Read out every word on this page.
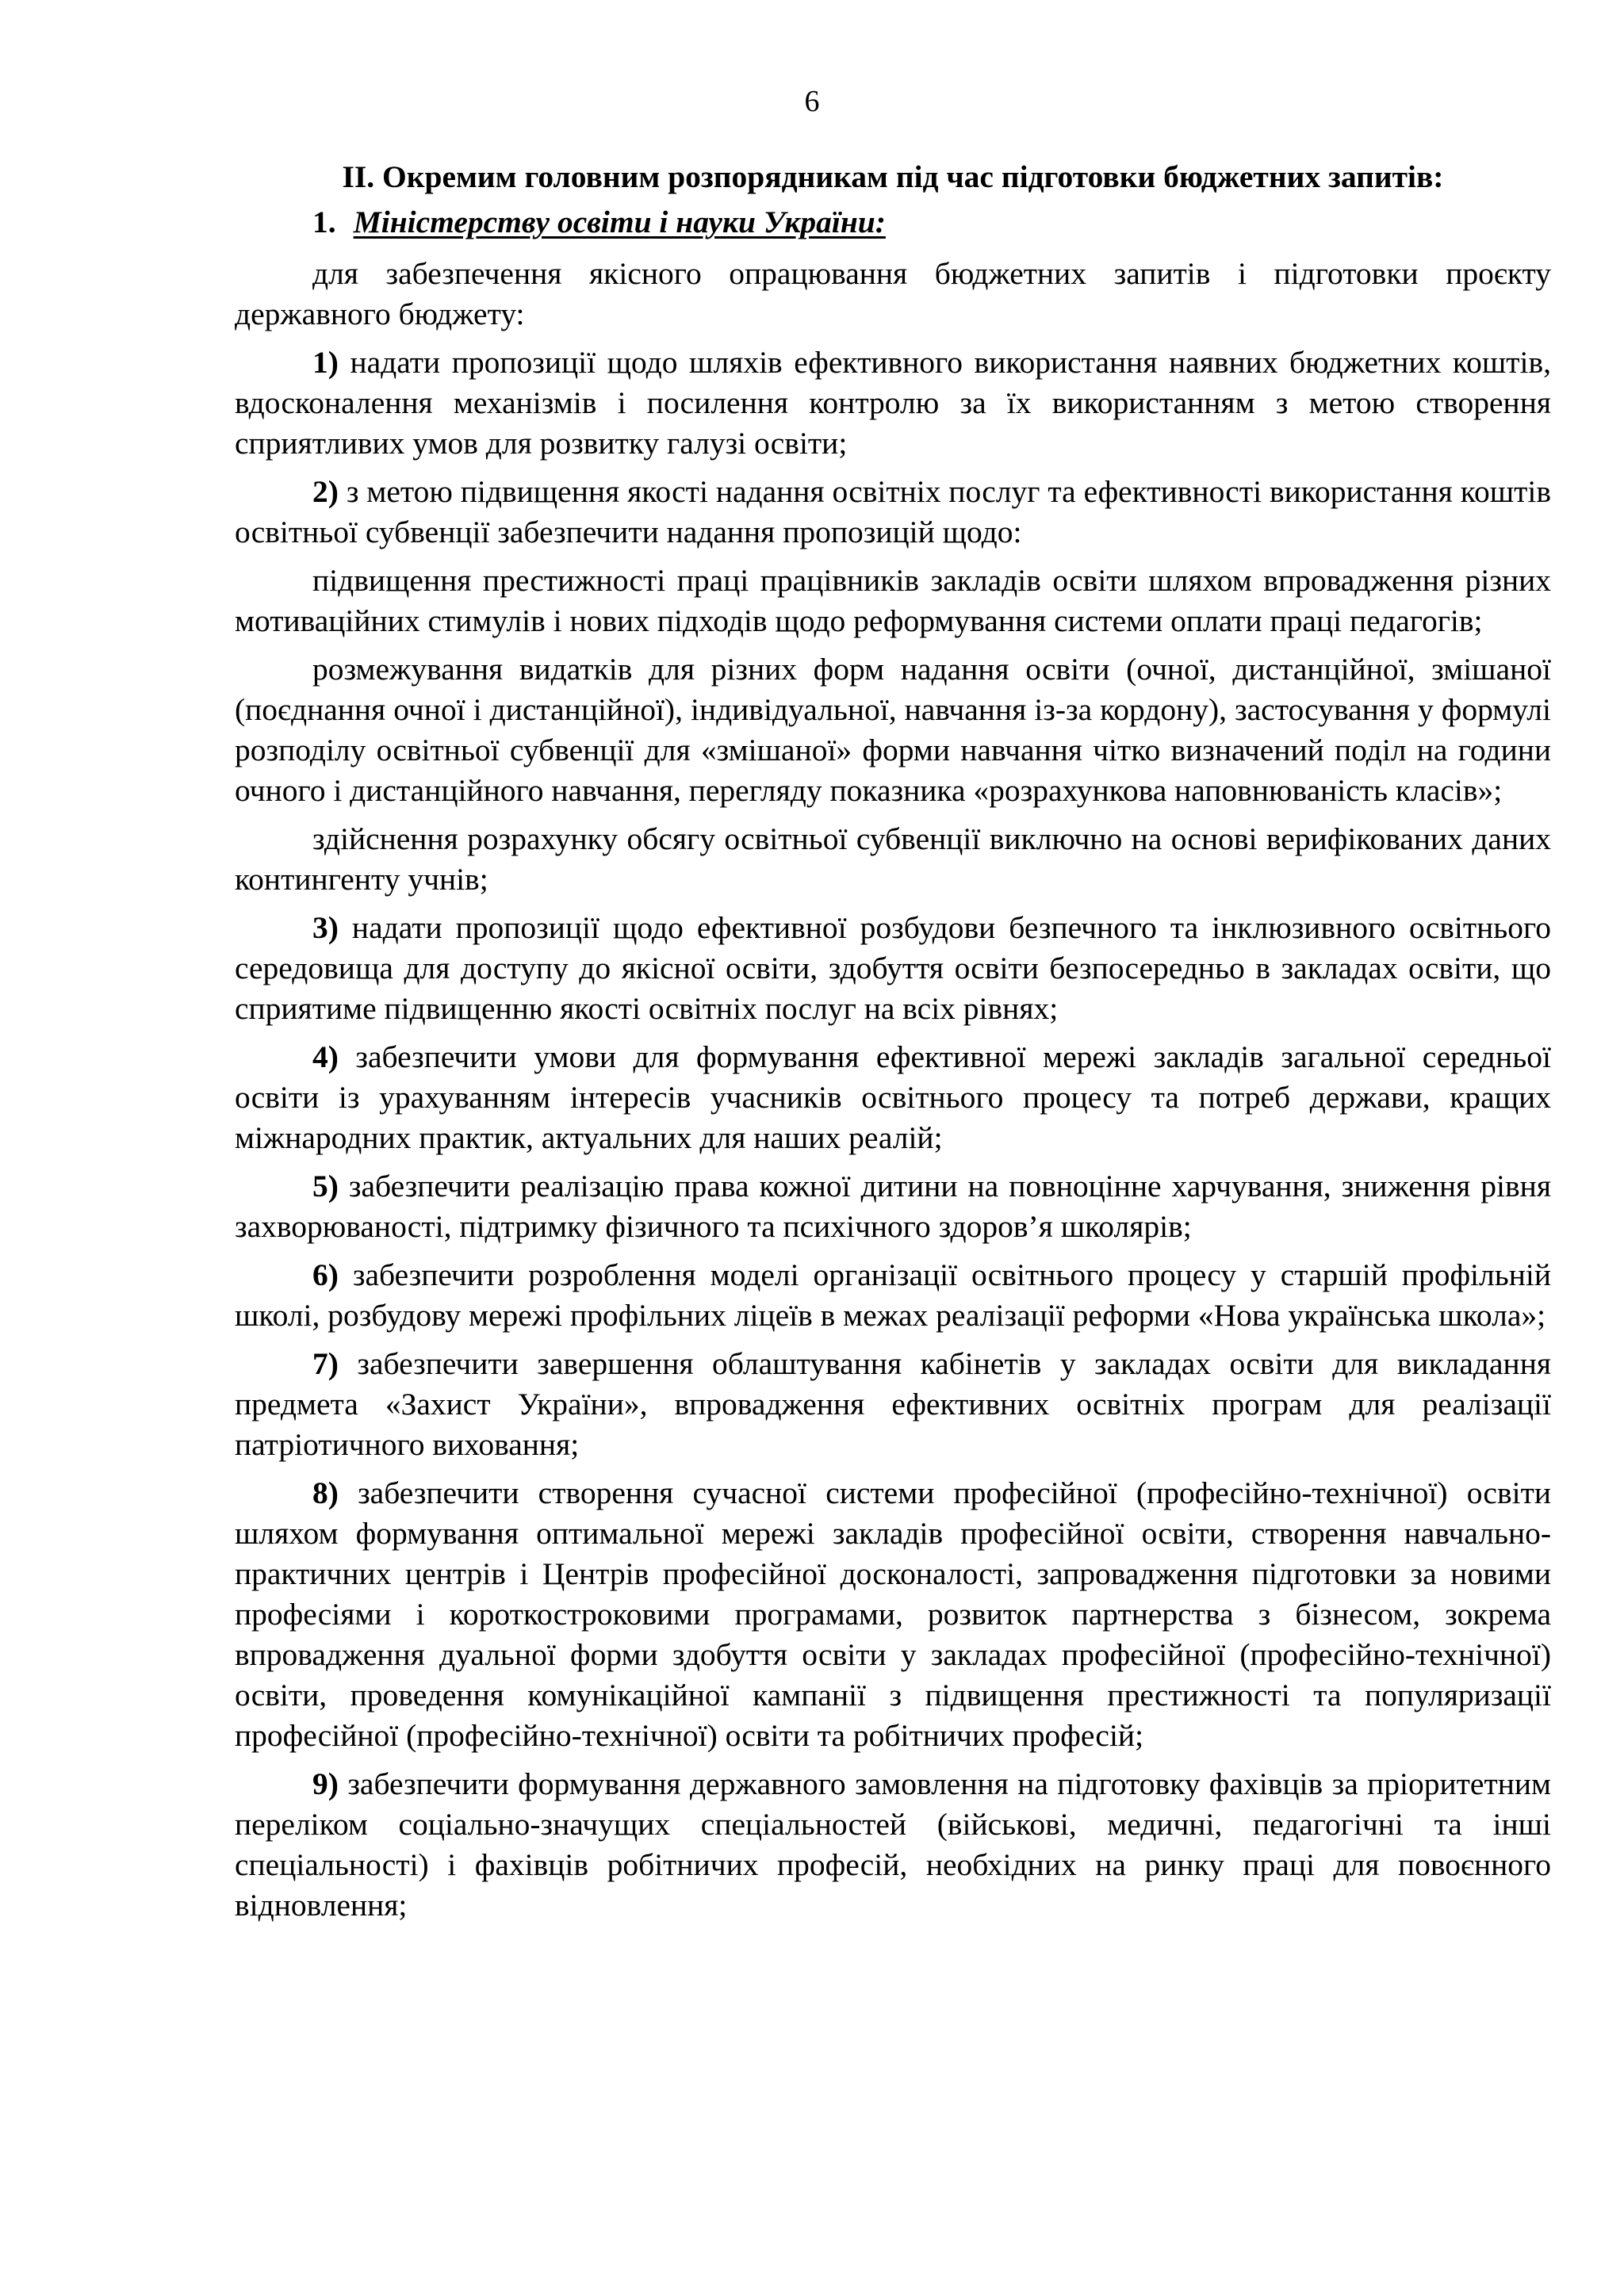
6

ІІ. Окремим головним розпорядникам під час підготовки бюджетних запитів:

1. Міністерству освіти і науки України:

для забезпечення якісного опрацювання бюджетних запитів і підготовки проєкту державного бюджету:

1) надати пропозиції щодо шляхів ефективного використання наявних бюджетних коштів, вдосконалення механізмів і посилення контролю за їх використанням з метою створення сприятливих умов для розвитку галузі освіти;

2) з метою підвищення якості надання освітніх послуг та ефективності використання коштів освітньої субвенції забезпечити надання пропозицій щодо:

підвищення престижності праці працівників закладів освіти шляхом впровадження різних мотиваційних стимулів і нових підходів щодо реформування системи оплати праці педагогів;

розмежування видатків для різних форм надання освіти (очної, дистанційної, змішаної (поєднання очної і дистанційної), індивідуальної, навчання із-за кордону), застосування у формулі розподілу освітньої субвенції для «змішаної» форми навчання чітко визначений поділ на години очного і дистанційного навчання, перегляду показника «розрахункова наповнюваність класів»;

здійснення розрахунку обсягу освітньої субвенції виключно на основі верифікованих даних контингенту учнів;

3) надати пропозиції щодо ефективної розбудови безпечного та інклюзивного освітнього середовища для доступу до якісної освіти, здобуття освіти безпосередньо в закладах освіти, що сприятиме підвищенню якості освітніх послуг на всіх рівнях;

4) забезпечити умови для формування ефективної мережі закладів загальної середньої освіти із урахуванням інтересів учасників освітнього процесу та потреб держави, кращих міжнародних практик, актуальних для наших реалій;

5) забезпечити реалізацію права кожної дитини на повноцінне харчування, зниження рівня захворюваності, підтримку фізичного та психічного здоров’я школярів;

6) забезпечити розроблення моделі організації освітнього процесу у старшій профільній школі, розбудову мережі профільних ліцеїв в межах реалізації реформи «Нова українська школа»;

7) забезпечити завершення облаштування кабінетів у закладах освіти для викладання предмета «Захист України», впровадження ефективних освітніх програм для реалізації патріотичного виховання;

8) забезпечити створення сучасної системи професійної (професійно-технічної) освіти шляхом формування оптимальної мережі закладів професійної освіти, створення навчально-практичних центрів і Центрів професійної досконалості, запровадження підготовки за новими професіями і короткостроковими програмами, розвиток партнерства з бізнесом, зокрема впровадження дуальної форми здобуття освіти у закладах професійної (професійно-технічної) освіти, проведення комунікаційної кампанії з підвищення престижності та популяризації професійної (професійно-технічної) освіти та робітничих професій;

9) забезпечити формування державного замовлення на підготовку фахівців за пріоритетним переліком соціально-значущих спеціальностей (військові, медичні, педагогічні та інші спеціальності) і фахівців робітничих професій, необхідних на ринку праці для повоєнного відновлення;
